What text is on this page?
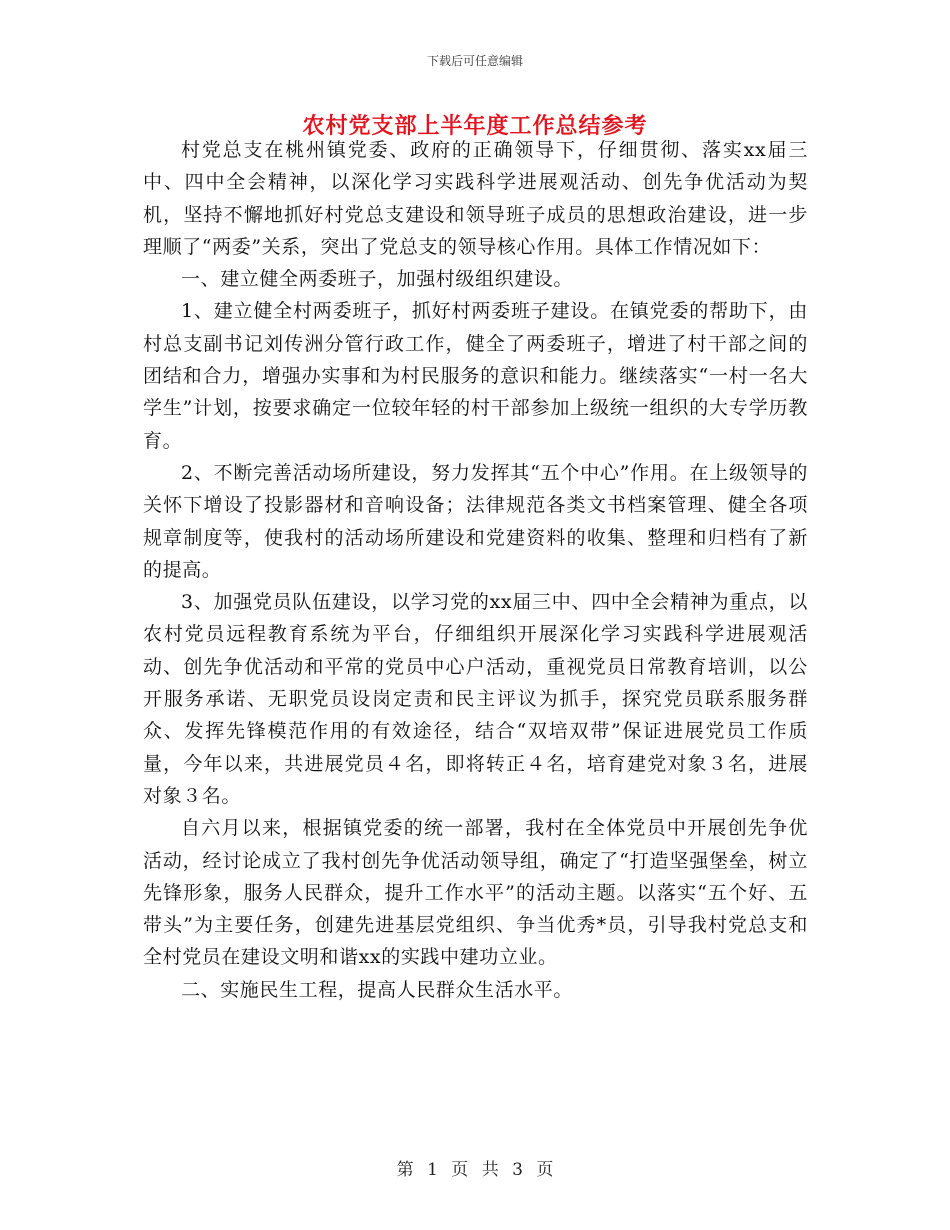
下载后可任意编辑
农村党支部上半年度工作总结参考

村党总支在桃州镇党委、政府的正确领导下，仔细贯彻、落实xx届三中、四中全会精神，以深化学习实践科学进展观活动、创先争优活动为契机，坚持不懈地抓好村党总支建设和领导班子成员的思想政治建设，进一步理顺了“两委”关系，突出了党总支的领导核心作用。具体工作情况如下：

一、建立健全两委班子，加强村级组织建设。

1、建立健全村两委班子，抓好村两委班子建设。在镇党委的帮助下，由村总支副书记刘传洲分管行政工作，健全了两委班子，增进了村干部之间的团结和合力，增强办实事和为村民服务的意识和能力。继续落实“一村一名大学生”计划，按要求确定一位较年轻的村干部参加上级统一组织的大专学历教育。

2、不断完善活动场所建设，努力发挥其“五个中心”作用。在上级领导的关怀下增设了投影器材和音响设备；法律规范各类文书档案管理、健全各项规章制度等，使我村的活动场所建设和党建资料的收集、整理和归档有了新的提高。

3、加强党员队伍建设，以学习党的xx届三中、四中全会精神为重点，以农村党员远程教育系统为平台，仔细组织开展深化学习实践科学进展观活动、创先争优活动和平常的党员中心户活动，重视党员日常教育培训，以公开服务承诺、无职党员设岗定责和民主评议为抓手，探究党员联系服务群众、发挥先锋模范作用的有效途径，结合“双培双带”保证进展党员工作质量，今年以来，共进展党员４名，即将转正４名，培育建党对象３名，进展对象３名。

自六月以来，根据镇党委的统一部署，我村在全体党员中开展创先争优活动，经讨论成立了我村创先争优活动领导组，确定了“打造坚强堡垒，树立先锋形象，服务人民群众，提升工作水平”的活动主题。以落实“五个好、五带头”为主要任务，创建先进基层党组织、争当优秀*员，引导我村党总支和全村党员在建设文明和谐xx的实践中建功立业。

二、实施民生工程，提高人民群众生活水平。

第 1 页 共 3 页
